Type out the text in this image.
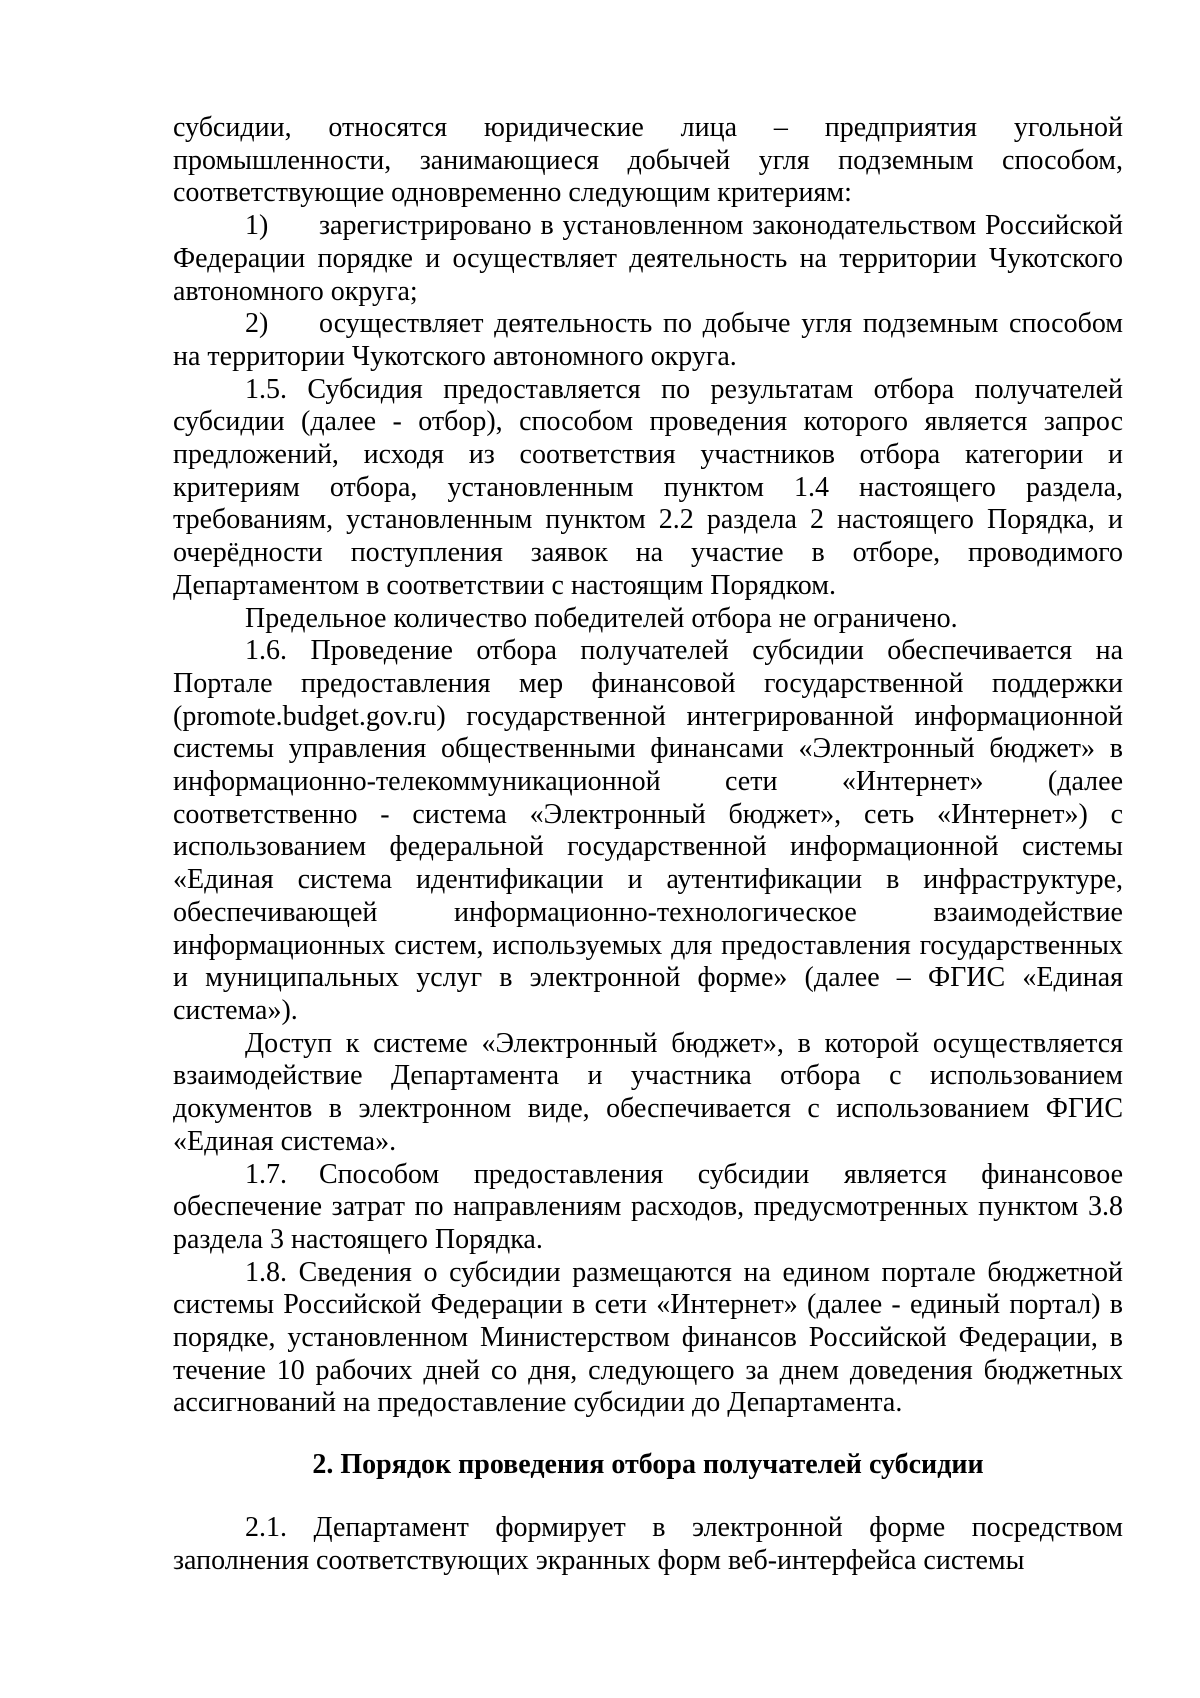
субсидии, относятся юридические лица – предприятия угольной промышленности, занимающиеся добычей угля подземным способом, соответствующие одновременно следующим критериям:

1) зарегистрировано в установленном законодательством Российской Федерации порядке и осуществляет деятельность на территории Чукотского автономного округа;

2) осуществляет деятельность по добыче угля подземным способом на территории Чукотского автономного округа.

1.5. Субсидия предоставляется по результатам отбора получателей субсидии (далее - отбор), способом проведения которого является запрос предложений, исходя из соответствия участников отбора категории и критериям отбора, установленным пунктом 1.4 настоящего раздела, требованиям, установленным пунктом 2.2 раздела 2 настоящего Порядка, и очерёдности поступления заявок на участие в отборе, проводимого Департаментом в соответствии с настоящим Порядком.

Предельное количество победителей отбора не ограничено.

1.6. Проведение отбора получателей субсидии обеспечивается на Портале предоставления мер финансовой государственной поддержки (promote.budget.gov.ru) государственной интегрированной информационной системы управления общественными финансами «Электронный бюджет» в информационно-телекоммуникационной сети «Интернет» (далее соответственно - система «Электронный бюджет», сеть «Интернет») с использованием федеральной государственной информационной системы «Единая система идентификации и аутентификации в инфраструктуре, обеспечивающей информационно-технологическое взаимодействие информационных систем, используемых для предоставления государственных и муниципальных услуг в электронной форме» (далее – ФГИС «Единая система»).

Доступ к системе «Электронный бюджет», в которой осуществляется взаимодействие Департамента и участника отбора с использованием документов в электронном виде, обеспечивается с использованием ФГИС «Единая система».

1.7. Способом предоставления субсидии является финансовое обеспечение затрат по направлениям расходов, предусмотренных пунктом 3.8 раздела 3 настоящего Порядка.

1.8. Сведения о субсидии размещаются на едином портале бюджетной системы Российской Федерации в сети «Интернет» (далее - единый портал) в порядке, установленном Министерством финансов Российской Федерации, в течение 10 рабочих дней со дня, следующего за днем доведения бюджетных ассигнований на предоставление субсидии до Департамента.

2. Порядок проведения отбора получателей субсидии

2.1. Департамент формирует в электронной форме посредством заполнения соответствующих экранных форм веб-интерфейса системы
